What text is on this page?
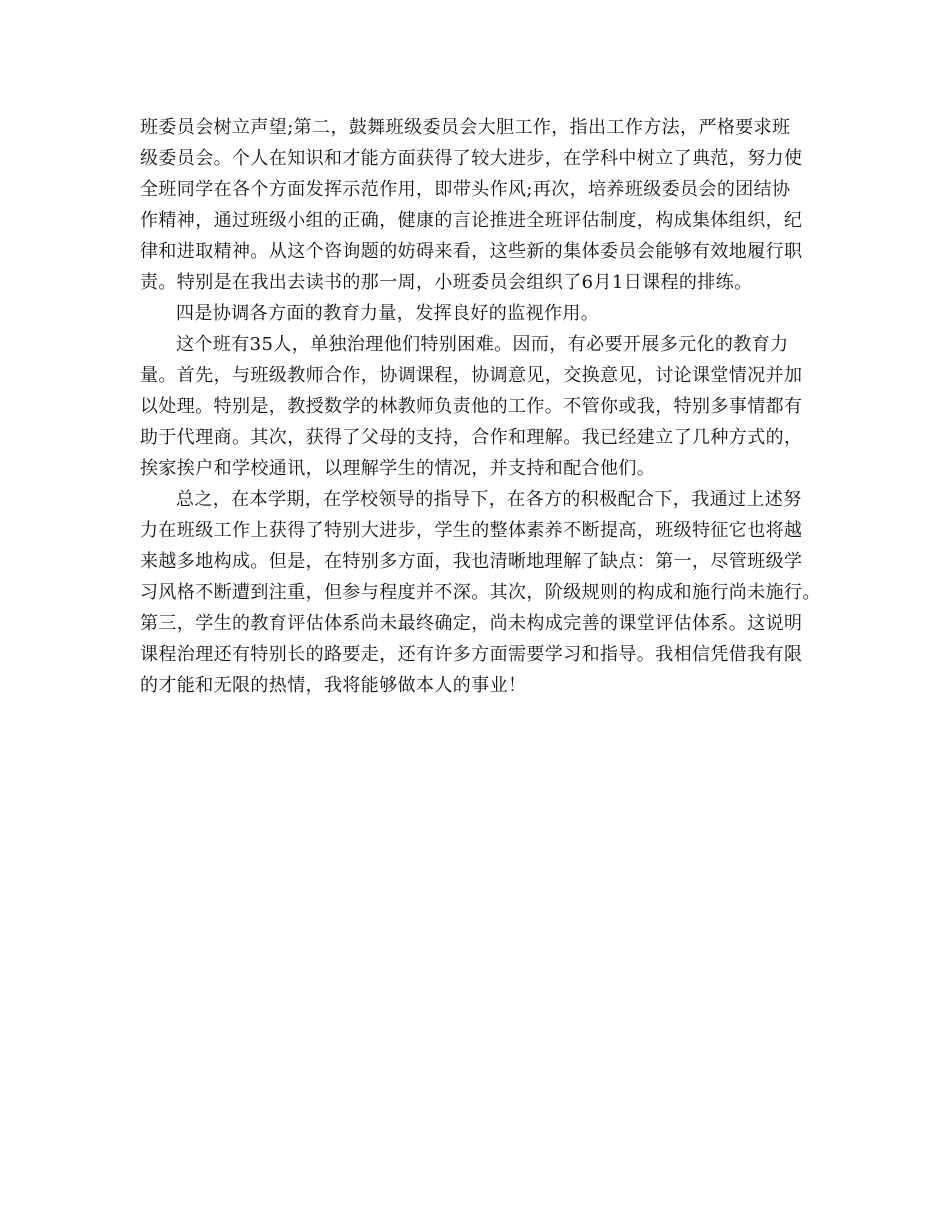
班委员会树立声望;第二，鼓舞班级委员会大胆工作，指出工作方法，严格要求班
级委员会。个人在知识和才能方面获得了较大进步，在学科中树立了典范，努力使
全班同学在各个方面发挥示范作用，即带头作风;再次，培养班级委员会的团结协
作精神，通过班级小组的正确，健康的言论推进全班评估制度，构成集体组织，纪
律和进取精神。从这个咨询题的妨碍来看，这些新的集体委员会能够有效地履行职
责。特别是在我出去读书的那一周，小班委员会组织了6月1日课程的排练。
四是协调各方面的教育力量，发挥良好的监视作用。
这个班有35人，单独治理他们特别困难。因而，有必要开展多元化的教育力
量。首先，与班级教师合作，协调课程，协调意见，交换意见，讨论课堂情况并加
以处理。特别是，教授数学的林教师负责他的工作。不管你或我，特别多事情都有
助于代理商。其次，获得了父母的支持，合作和理解。我已经建立了几种方式的，
挨家挨户和学校通讯，以理解学生的情况，并支持和配合他们。
总之，在本学期，在学校领导的指导下，在各方的积极配合下，我通过上述努
力在班级工作上获得了特别大进步，学生的整体素养不断提高，班级特征它也将越
来越多地构成。但是，在特别多方面，我也清晰地理解了缺点：第一，尽管班级学
习风格不断遭到注重，但参与程度并不深。其次，阶级规则的构成和施行尚未施行。
第三，学生的教育评估体系尚未最终确定，尚未构成完善的课堂评估体系。这说明
课程治理还有特别长的路要走，还有许多方面需要学习和指导。我相信凭借我有限
的才能和无限的热情，我将能够做本人的事业！
